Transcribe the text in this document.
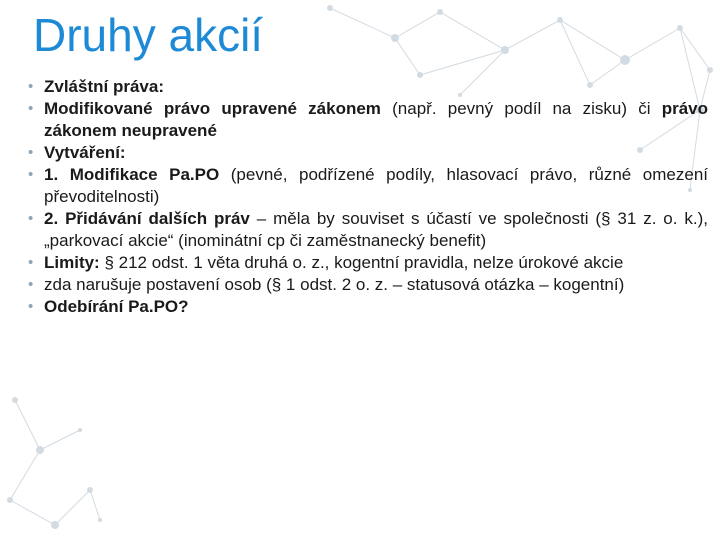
Druhy akcií
• Zvláštní práva:
• Modifikované právo upravené zákonem (např. pevný podíl na zisku) či právo zákonem neupravené
• Vytváření:
• 1. Modifikace Pa.PO (pevné, podřízené podíly, hlasovací právo, různé omezení převoditelnosti)
• 2. Přidávání dalších práv – měla by souviset s účastí ve společnosti (§ 31 z. o. k.), „parkovací akcie“ (inominátní cp či zaměstnanecký benefit)
• Limity: § 212 odst. 1 věta druhá o. z., kogentní pravidla, nelze úrokové akcie
• zda narušuje postavení osob (§ 1 odst. 2 o. z. – statusová otázka – kogentní)
• Odebírání Pa.PO?
